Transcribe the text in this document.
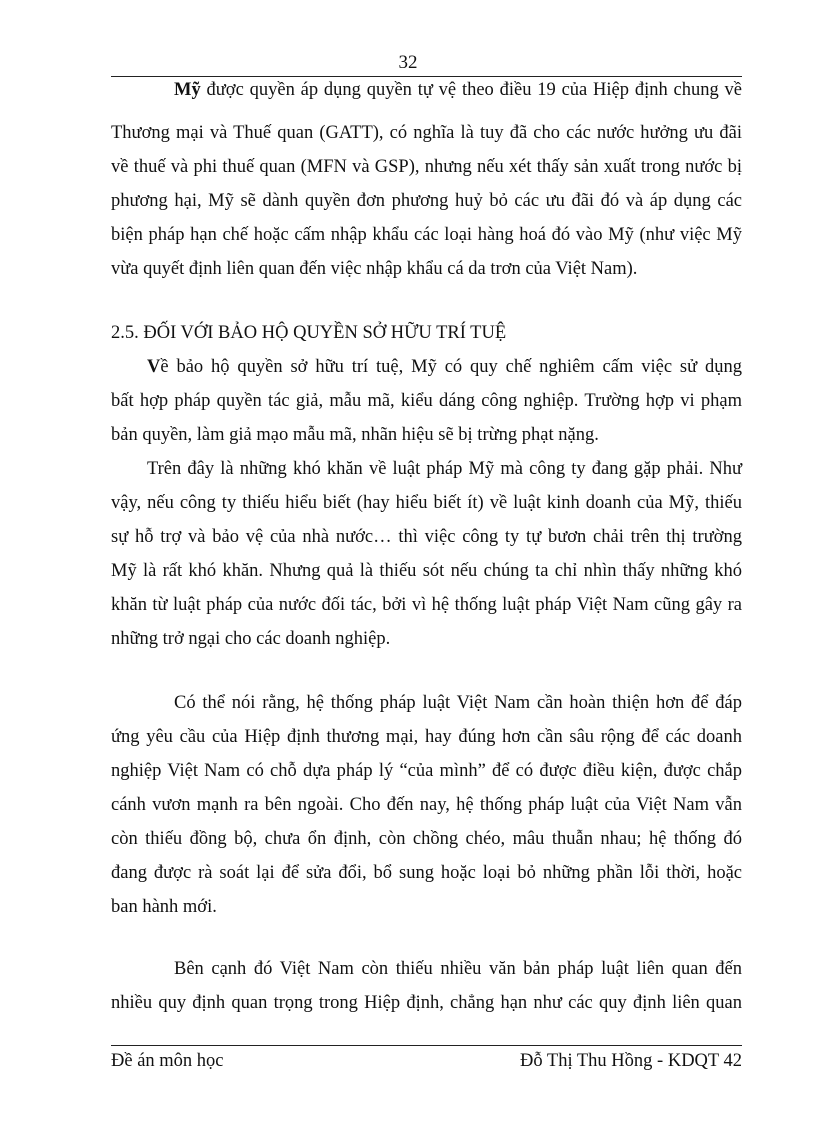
32
Mỹ được quyền áp dụng quyền tự vệ theo điều 19 của Hiệp định chung về
Thương mại và Thuế quan (GATT), có nghĩa là tuy đã cho các nước hưởng ưu đãi
về thuế và phi thuế quan (MFN và GSP), nhưng nếu xét thấy sản xuất trong nước bị
phương hại, Mỹ sẽ dành quyền đơn phương huỷ bỏ các ưu đãi đó và áp dụng các
biện pháp hạn chế hoặc cấm nhập khẩu các loại hàng hoá đó vào Mỹ (như việc Mỹ
vừa quyết định liên quan đến việc nhập khẩu cá da trơn của Việt Nam).
2.5. ĐỐI VỚI BẢO HỘ QUYỀN SỞ HỮU TRÍ TUỆ
Về bảo hộ quyền sở hữu trí tuệ, Mỹ có quy chế nghiêm cấm việc sử dụng
bất hợp pháp quyền tác giả, mẫu mã, kiểu dáng công nghiệp. Trường hợp vi phạm
bản quyền, làm giả mạo mẫu mã, nhãn hiệu sẽ bị trừng phạt nặng.
Trên đây là những khó khăn về luật pháp Mỹ mà công ty đang gặp phải. Như
vậy, nếu công ty thiếu hiểu biết (hay hiểu biết ít) về luật kinh doanh của Mỹ, thiếu
sự hỗ trợ và bảo vệ của nhà nước… thì việc công ty tự bươn chải trên thị trường
Mỹ là rất khó khăn. Nhưng quả là thiếu sót nếu chúng ta chỉ nhìn thấy những khó
khăn từ luật pháp của nước đối tác, bởi vì hệ thống luật pháp Việt Nam cũng gây ra
những trở ngại cho các doanh nghiệp.
Có thể nói rằng, hệ thống pháp luật Việt Nam cần hoàn thiện hơn để đáp
ứng yêu cầu của Hiệp định thương mại, hay đúng hơn cần sâu rộng để các doanh
nghiệp Việt Nam có chỗ dựa pháp lý “của mình” để có được điều kiện, được chắp
cánh vươn mạnh ra bên ngoài. Cho đến nay, hệ thống pháp luật của Việt Nam vẫn
còn thiếu đồng bộ, chưa ổn định, còn chồng chéo, mâu thuẫn nhau; hệ thống đó
đang được rà soát lại để sửa đổi, bổ sung hoặc loại bỏ những phần lỗi thời, hoặc
ban hành mới.
Bên cạnh đó Việt Nam còn thiếu nhiều văn bản pháp luật liên quan đến
nhiều quy định quan trọng trong Hiệp định, chẳng hạn như các quy định liên quan
Đề án môn học	Đỗ Thị Thu Hồng - KDQT 42
